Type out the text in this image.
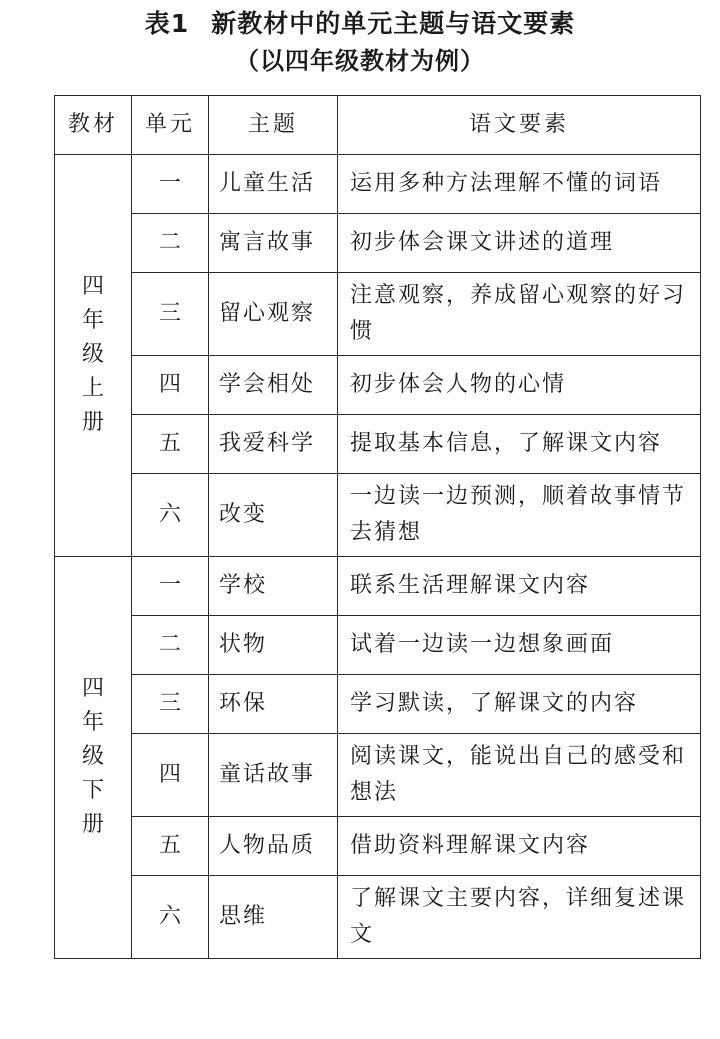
表1 新教材中的单元主题与语文要素
（以四年级教材为例）
教材	单元	主题	语文要素
四年级上册	一	儿童生活	运用多种方法理解不懂的词语
	二	寓言故事	初步体会课文讲述的道理
	三	留心观察	注意观察，养成留心观察的好习惯
	四	学会相处	初步体会人物的心情
	五	我爱科学	提取基本信息，了解课文内容
	六	改变	一边读一边预测，顺着故事情节去猜想
四年级下册	一	学校	联系生活理解课文内容
	二	状物	试着一边读一边想象画面
	三	环保	学习默读，了解课文的内容
	四	童话故事	阅读课文，能说出自己的感受和想法
	五	人物品质	借助资料理解课文内容
	六	思维	了解课文主要内容，详细复述课文
